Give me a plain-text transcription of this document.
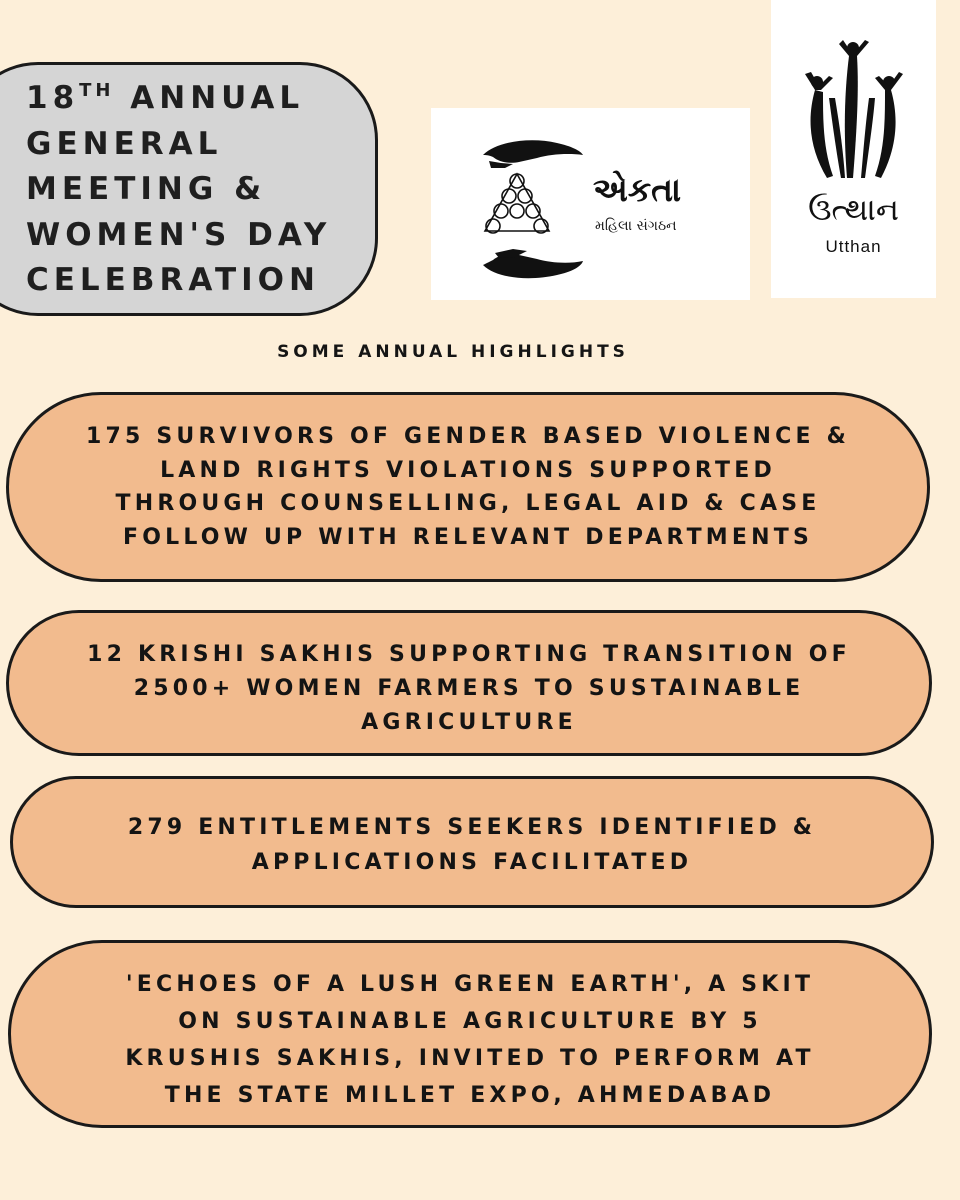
18TH ANNUAL
GENERAL
MEETING &
WOMEN'S DAY
CELEBRATION
એકતા
મહિલા સંગઠન	ઉત્થાન
Utthan
SOME ANNUAL HIGHLIGHTS
175 SURVIVORS OF GENDER BASED VIOLENCE &
LAND RIGHTS VIOLATIONS SUPPORTED
THROUGH COUNSELLING, LEGAL AID & CASE
FOLLOW UP WITH RELEVANT DEPARTMENTS
12 KRISHI SAKHIS SUPPORTING TRANSITION OF
2500+ WOMEN FARMERS TO SUSTAINABLE
AGRICULTURE
279 ENTITLEMENTS SEEKERS IDENTIFIED &
APPLICATIONS FACILITATED
'ECHOES OF A LUSH GREEN EARTH', A SKIT
ON SUSTAINABLE AGRICULTURE BY 5
KRUSHIS SAKHIS, INVITED TO PERFORM AT
THE STATE MILLET EXPO, AHMEDABAD
